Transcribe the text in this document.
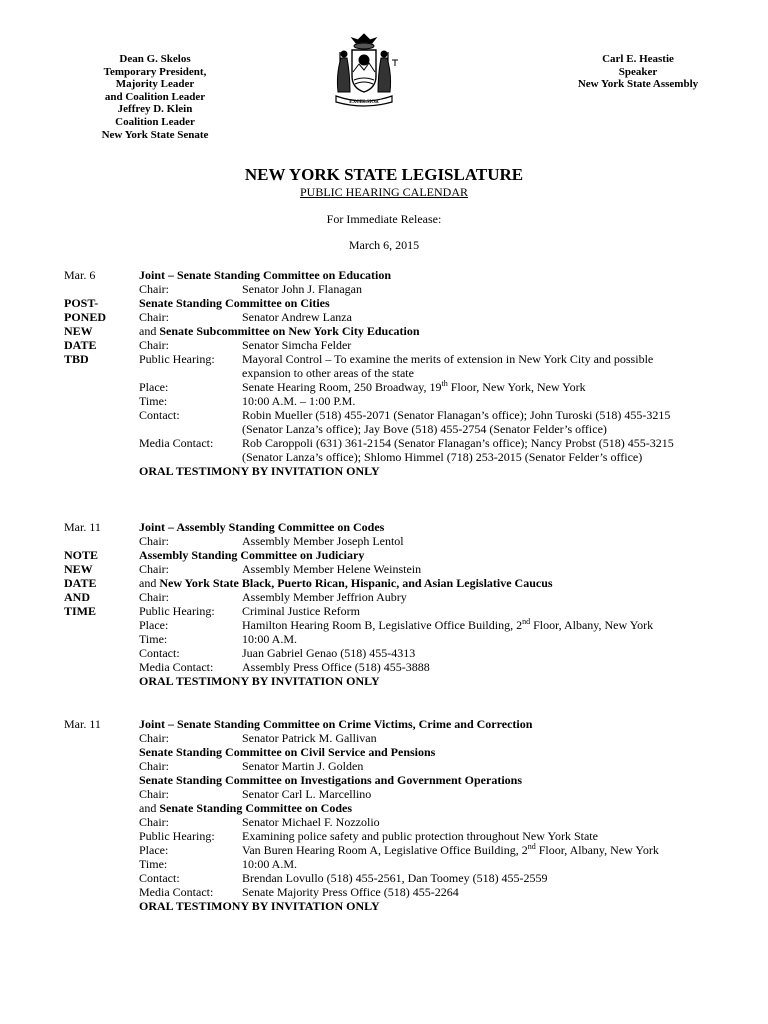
Dean G. Skelos
Temporary President,
Majority Leader
and Coalition Leader
Jeffrey D. Klein
Coalition Leader
New York State Senate
EXCELSIOR
Carl E. Heastie
Speaker
New York State Assembly
NEW YORK STATE LEGISLATURE
PUBLIC HEARING CALENDAR
For Immediate Release:
March 6, 2015
Mar. 6	Joint – Senate Standing Committee on Education
Chair:	Senator John J. Flanagan
POST-	Senate Standing Committee on Cities
PONED	Chair:	Senator Andrew Lanza
NEW	and Senate Subcommittee on New York City Education
DATE	Chair:	Senator Simcha Felder
TBD	Public Hearing: Mayoral Control – To examine the merits of extension in New York City and possible expansion to other areas of the state
Place:	Senate Hearing Room, 250 Broadway, 19th Floor, New York, New York
Time:	10:00 A.M. – 1:00 P.M.
Contact:	Robin Mueller (518) 455-2071 (Senator Flanagan’s office); John Turoski (518) 455-3215 (Senator Lanza’s office); Jay Bove (518) 455-2754 (Senator Felder’s office)
Media Contact: Rob Caroppoli (631) 361-2154 (Senator Flanagan’s office); Nancy Probst (518) 455-3215 (Senator Lanza’s office); Shlomo Himmel (718) 253-2015 (Senator Felder’s office)
ORAL TESTIMONY BY INVITATION ONLY
Mar. 11	Joint – Assembly Standing Committee on Codes
Chair:	Assembly Member Joseph Lentol
NOTE	Assembly Standing Committee on Judiciary
NEW	Chair:	Assembly Member Helene Weinstein
DATE	and New York State Black, Puerto Rican, Hispanic, and Asian Legislative Caucus
AND	Chair:	Assembly Member Jeffrion Aubry
TIME	Public Hearing: Criminal Justice Reform
Place:	Hamilton Hearing Room B, Legislative Office Building, 2nd Floor, Albany, New York
Time:	10:00 A.M.
Contact:	Juan Gabriel Genao (518) 455-4313
Media Contact: Assembly Press Office (518) 455-3888
ORAL TESTIMONY BY INVITATION ONLY
Mar. 11	Joint – Senate Standing Committee on Crime Victims, Crime and Correction
Chair:	Senator Patrick M. Gallivan
Senate Standing Committee on Civil Service and Pensions
Chair:	Senator Martin J. Golden
Senate Standing Committee on Investigations and Government Operations
Chair:	Senator Carl L. Marcellino
and Senate Standing Committee on Codes
Chair:	Senator Michael F. Nozzolio
Public Hearing: Examining police safety and public protection throughout New York State
Place:	Van Buren Hearing Room A, Legislative Office Building, 2nd Floor, Albany, New York
Time:	10:00 A.M.
Contact:	Brendan Lovullo (518) 455-2561, Dan Toomey (518) 455-2559
Media Contact: Senate Majority Press Office (518) 455-2264
ORAL TESTIMONY BY INVITATION ONLY
